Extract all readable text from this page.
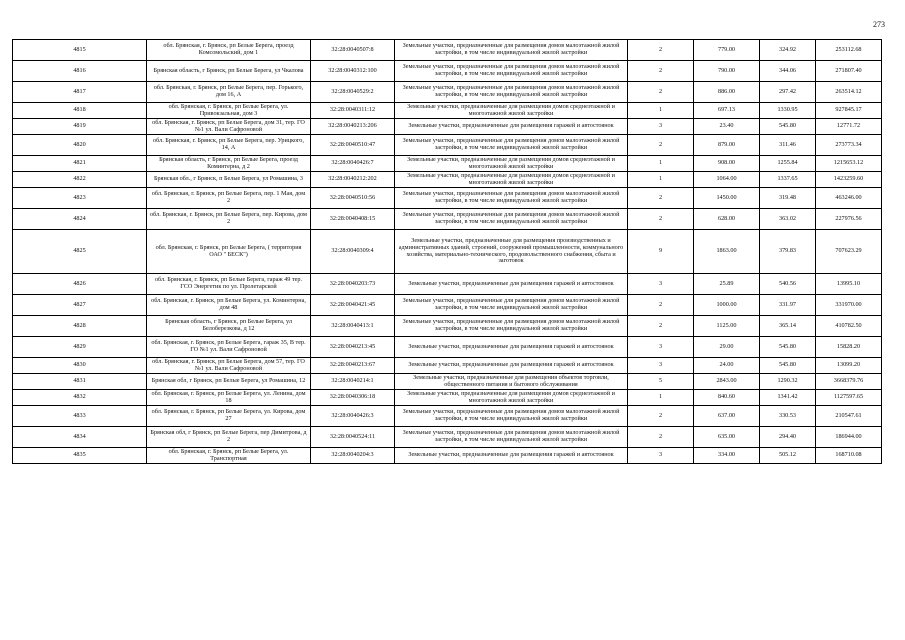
273
4815	обл. Брянская, г. Брянск, рп Белые Берега, проезд Комсомольский, дом 1	32:28:0040507:8	Земельные участки, предназначенные для размещения домов малоэтажной жилой застройки, в том числе индивидуальной жилой застройки	2	779.00	324.92	253112.68
4816	Брянская область, г Брянск, рп Белые Берега, ул Чкалова	32:28:0040312:100	Земельные участки, предназначенные для размещения домов малоэтажной жилой застройки, в том числе индивидуальной жилой застройки	2	790.00	344.06	271807.40
4817	обл. Брянская, г. Брянск, рп Белые Берега, пер. Горького, дом 16, А	32:28:0040529:2	Земельные участки, предназначенные для размещения домов малоэтажной жилой застройки, в том числе индивидуальной жилой застройки	2	886.00	297.42	263514.12
4818	обл. Брянская, г. Брянск, рп Белые Берега, ул. Привокзальная, дом 3	32:28:0040311:12	Земельные участки, предназначенные для размещения домов среднеэтажной и многоэтажной жилой застройки	1	697.13	1330.95	927845.17
4819	обл. Брянская, г. Брянск, рп Белые Берега, дом 31, тер. ГО №1 ул. Вали Сафроновой	32:28:0040213:206	Земельные участки, предназначенные для размещения гаражей и автостоянок	3	23.40	545.80	12771.72
4820	обл. Брянская, г. Брянск, рп Белые Берега, пер. Урицкого, 14, А	32:28:0040510:47	Земельные участки, предназначенные для размещения домов малоэтажной жилой застройки, в том числе индивидуальной жилой застройки	2	879.00	311.46	273773.34
4821	Брянская область, г Брянск, рп Белые Берега, проезд Коминтерна, д 2	32:28:0040426:7	Земельные участки, предназначенные для размещения домов среднеэтажной и многоэтажной жилой застройки	1	908.00	1255.84	1215653.12
4822	Брянская обл., г Брянск, п Белые Берега, ул Ромашина, 3	32:28:0040212:202	Земельные участки, предназначенные для размещения домов среднеэтажной и многоэтажной жилой застройки	1	1064.00	1337.65	1423259.60
4823	обл. Брянская, г. Брянск, рп Белые Берега, пер. 1 Мая, дом 2	32:28:0040510:56	Земельные участки, предназначенные для размещения домов малоэтажной жилой застройки, в том числе индивидуальной жилой застройки	2	1450.00	319.48	463246.00
4824	обл. Брянская, г. Брянск, рп Белые Берега, пер. Кирова, дом 2	32:28:0040408:15	Земельные участки, предназначенные для размещения домов малоэтажной жилой застройки, в том числе индивидуальной жилой застройки	2	628.00	363.02	227976.56
4825	обл. Брянская, г. Брянск, рп Белые Берега, ( территория ОАО " БЕСК")	32:28:0040309:4	Земельные участки, предназначенные для размещения производственных и административных зданий, строений, сооружений промышленности, коммунального хозяйства, материально-технического, продовольственного снабжения, сбыта и заготовок	9	1863.00	379.83	707623.29
4826	обл. Брянская, г. Брянск, рп Белые Берега, гараж 49 тер. ГСО Энергетик по ул. Пролетарской	32:28:0040203:73	Земельные участки, предназначенные для размещения гаражей и автостоянок	3	25.89	540.56	13995.10
4827	обл. Брянская, г. Брянск, рп Белые Берега, ул. Коминтерна, дом 48	32:28:0040421:45	Земельные участки, предназначенные для размещения домов малоэтажной жилой застройки, в том числе индивидуальной жилой застройки	2	1000.00	331.97	331970.00
4828	Брянская область, г Брянск, рп Белые Берега, ул Белоберезкова, д 12	32:28:0040413:1	Земельные участки, предназначенные для размещения домов малоэтажной жилой застройки, в том числе индивидуальной жилой застройки	2	1125.00	365.14	410782.50
4829	обл. Брянская, г. Брянск, рп Белые Берега, гараж 35, В тер. ГО №1 ул. Вали Сафроновой	32:28:0040213:45	Земельные участки, предназначенные для размещения гаражей и автостоянок	3	29.00	545.80	15828.20
4830	обл. Брянская, г. Брянск, рп Белые Берега, дом 57, тер. ГО №1 ул. Вали Сафроновой	32:28:0040213:67	Земельные участки, предназначенные для размещения гаражей и автостоянок	3	24.00	545.80	13099.20
4831	Брянская обл, г Брянск, рп Белые Берега, ул Ромашина, 12	32:28:0040214:1	Земельные участки, предназначенные для размещения объектов торговли, общественного питания и бытового обслуживания	5	2843.00	1290.32	3668379.76
4832	обл. Брянская, г. Брянск, рп Белые Берега, ул. Ленина, дом 18	32:28:0040306:18	Земельные участки, предназначенные для размещения домов среднеэтажной и многоэтажной жилой застройки	1	840.60	1341.42	1127597.65
4833	обл. Брянская, г. Брянск, рп Белые Берега, ул. Кирова, дом 27	32:28:0040426:3	Земельные участки, предназначенные для размещения домов малоэтажной жилой застройки, в том числе индивидуальной жилой застройки	2	637.00	330.53	210547.61
4834	Брянская обл, г Брянск, рп Белые Берега, пер Димитрова, д 2	32:28:0040524:11	Земельные участки, предназначенные для размещения домов малоэтажной жилой застройки, в том числе индивидуальной жилой застройки	2	635.00	294.40	186944.00
4835	обл. Брянская, г. Брянск, рп Белые Берега, ул. Транспортная	32:28:0040204:3	Земельные участки, предназначенные для размещения гаражей и автостоянок	3	334.00	505.12	168710.08
